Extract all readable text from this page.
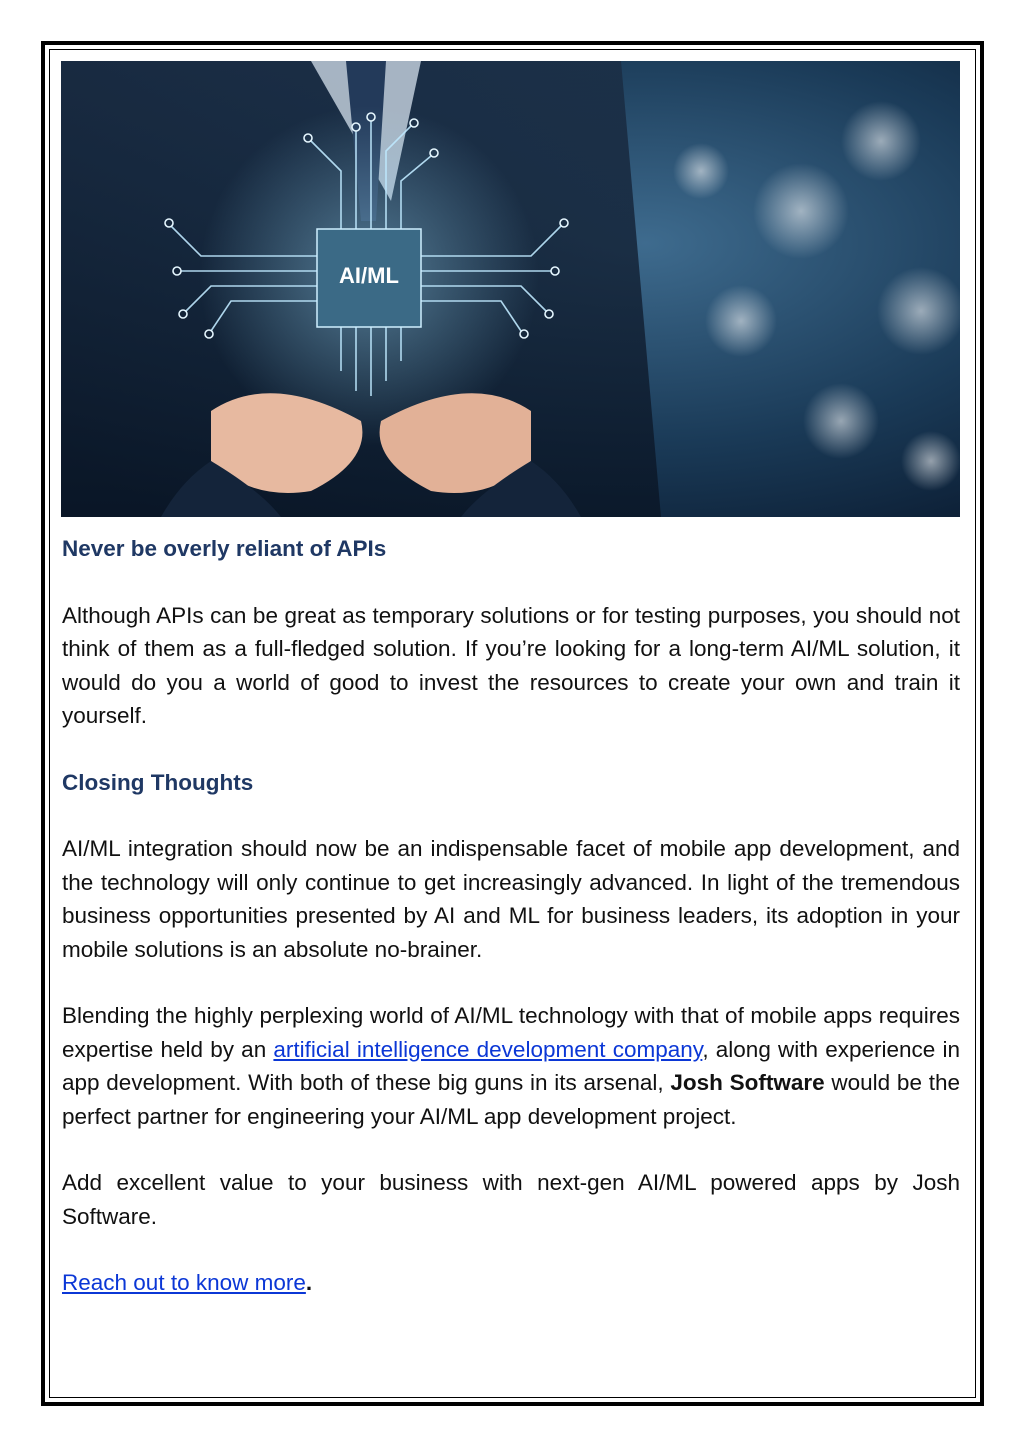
AI/ML
Never be overly reliant of APIs

Although APIs can be great as temporary solutions or for testing purposes, you should not think of them as a full-fledged solution. If you’re looking for a long-term AI/ML solution, it would do you a world of good to invest the resources to create your own and train it yourself.

Closing Thoughts

AI/ML integration should now be an indispensable facet of mobile app development, and the technology will only continue to get increasingly advanced. In light of the tremendous business opportunities presented by AI and ML for business leaders, its adoption in your mobile solutions is an absolute no-brainer.

Blending the highly perplexing world of AI/ML technology with that of mobile apps requires expertise held by an artificial intelligence development company, along with experience in app development. With both of these big guns in its arsenal, Josh Software would be the perfect partner for engineering your AI/ML app development project.

Add excellent value to your business with next-gen AI/ML powered apps by Josh Software.

Reach out to know more.
